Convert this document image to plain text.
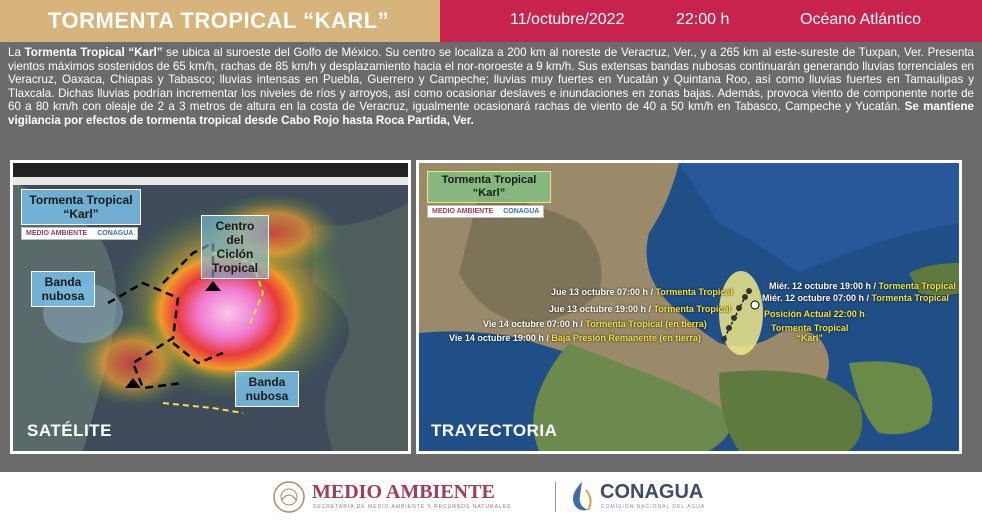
TORMENTA TROPICAL “KARL”	11/octubre/2022	22:00 h	Océano Atlántico
La Tormenta Tropical “Karl” se ubica al suroeste del Golfo de México. Su centro se localiza a 200 km al noreste de Veracruz, Ver., y a 265 km al este-sureste de Tuxpan, Ver. Presenta vientos máximos sostenidos de 65 km/h, rachas de 85 km/h y desplazamiento hacia el nor-noroeste a 9 km/h. Sus extensas bandas nubosas continuarán generando lluvias torrenciales en Veracruz, Oaxaca, Chiapas y Tabasco; lluvias intensas en Puebla, Guerrero y Campeche; lluvias muy fuertes en Yucatán y Quintana Roo, así como lluvias fuertes en Tamaulipas y Tlaxcala. Dichas lluvias podrían incrementar los niveles de ríos y arroyos, así como ocasionar deslaves e inundaciones en zonas bajas. Además, provoca viento de componente norte de 60 a 80 km/h con oleaje de 2 a 3 metros de altura en la costa de Veracruz, igualmente ocasionará rachas de viento de 40 a 50 km/h en Tabasco, Campeche y Yucatán. Se mantiene vigilancia por efectos de tormenta tropical desde Cabo Rojo hasta Roca Partida, Ver.
Tormenta Tropical
“Karl”
MEDIO AMBIENTE CONAGUA
Centro
del Ciclón
Tropical
Banda
nubosa
Banda
nubosa
SATÉLITE
Tormenta Tropical
“Karl”
MEDIO AMBIENTE CONAGUA
Miér. 12 octubre 19:00 h / Tormenta Tropical
Miér. 12 octubre 07:00 h / Tormenta Tropical
Jue 13 octubre 07:00 h / Tormenta Tropical
Jue 13 octubre 19:00 h / Tormenta Tropical
Vie 14 octubre 07:00 h / Tormenta Tropical (en tierra)
Vie 14 octubre 19:00 h / Baja Presión Remanente (en tierra)
Posición Actual 22:00 h
Tormenta Tropical
“Karl”
TRAYECTORIA
MEDIO AMBIENTE
SECRETARÍA DE MEDIO AMBIENTE Y RECURSOS NATURALES
CONAGUA
COMISIÓN NACIONAL DEL AGUA
